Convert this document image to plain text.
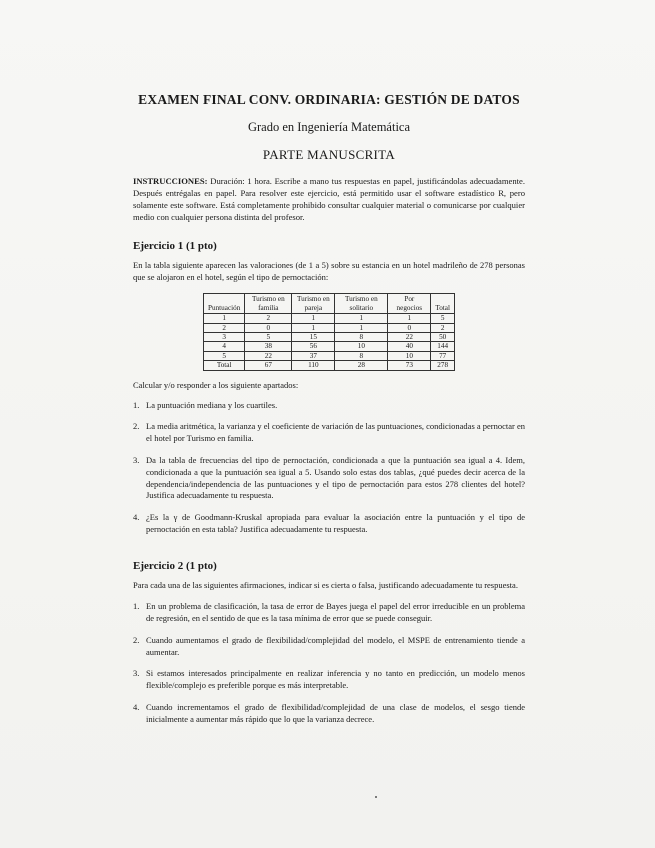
EXAMEN FINAL CONV. ORDINARIA: GESTIÓN DE DATOS

Grado en Ingeniería Matemática

PARTE MANUSCRITA

INSTRUCCIONES: Duración: 1 hora. Escribe a mano tus respuestas en papel, justificándolas adecuadamente. Después entrégalas en papel. Para resolver este ejercicio, está permitido usar el software estadístico R, pero solamente este software. Está completamente prohibido consultar cualquier material o comunicarse por cualquier medio con cualquier persona distinta del profesor.

Ejercicio 1 (1 pto)

En la tabla siguiente aparecen las valoraciones (de 1 a 5) sobre su estancia en un hotel madrileño de 278 personas que se alojaron en el hotel, según el tipo de pernoctación:

Puntuación	Turismo en familia	Turismo en pareja	Turismo en solitario	Por negocios	Total
1	2	1	1	1	5
2	0	1	1	0	2
3	5	15	8	22	50
4	38	56	10	40	144
5	22	37	8	10	77
Total	67	110	28	73	278

Calcular y/o responder a los siguiente apartados:

1. La puntuación mediana y los cuartiles.
2. La media aritmética, la varianza y el coeficiente de variación de las puntuaciones, condicionadas a pernoctar en el hotel por Turismo en familia.
3. Da la tabla de frecuencias del tipo de pernoctación, condicionada a que la puntuación sea igual a 4. Idem, condicionada a que la puntuación sea igual a 5. Usando solo estas dos tablas, ¿qué puedes decir acerca de la dependencia/independencia de las puntuaciones y el tipo de pernoctación para estos 278 clientes del hotel? Justifica adecuadamente tu respuesta.
4. ¿Es la γ de Goodmann-Kruskal apropiada para evaluar la asociación entre la puntuación y el tipo de pernoctación en esta tabla? Justifica adecuadamente tu respuesta.
Ejercicio 2 (1 pto)

Para cada una de las siguientes afirmaciones, indicar si es cierta o falsa, justificando adecuadamente tu respuesta.

1. En un problema de clasificación, la tasa de error de Bayes juega el papel del error irreducible en un problema de regresión, en el sentido de que es la tasa mínima de error que se puede conseguir.
2. Cuando aumentamos el grado de flexibilidad/complejidad del modelo, el MSPE de entrenamiento tiende a aumentar.
3. Si estamos interesados principalmente en realizar inferencia y no tanto en predicción, un modelo menos flexible/complejo es preferible porque es más interpretable.
4. Cuando incrementamos el grado de flexibilidad/complejidad de una clase de modelos, el sesgo tiende inicialmente a aumentar más rápido que lo que la varianza decrece.
